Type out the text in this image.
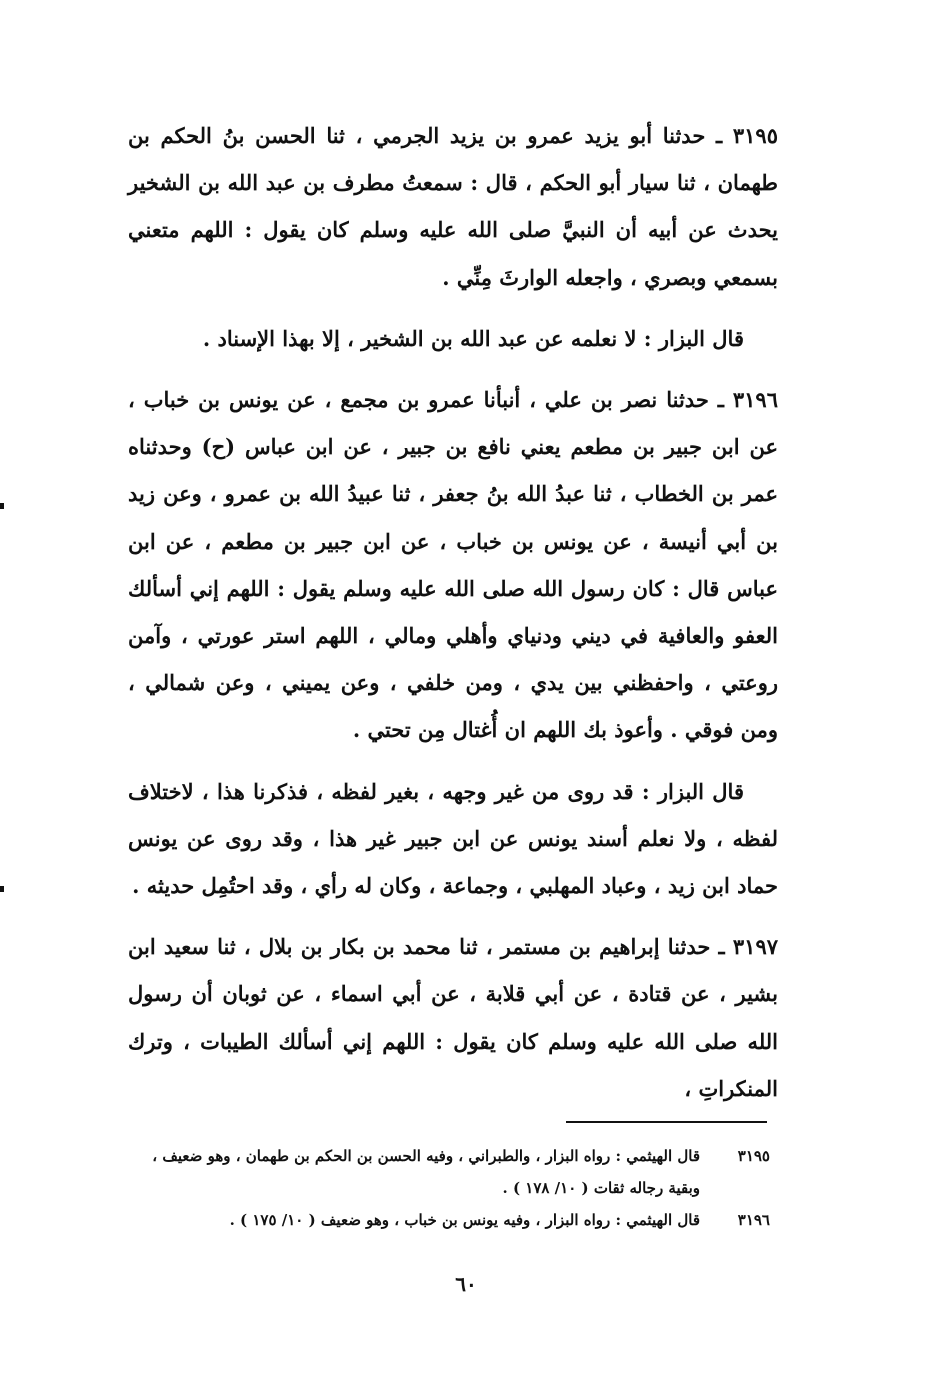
٣١٩٥ ـ حدثنا أبو يزيد عمرو بن يزيد الجرمي ، ثنا الحسن بنُ الحكم بن طهمان ، ثنا سيار أبو الحكم ، قال : سمعتُ مطرف بن عبد الله بن الشخير يحدث عن أبيه أن النبيَّ صلى الله عليه وسلم كان يقول : اللهم متعني بسمعي وبصري ، واجعله الوارثَ مِنِّي .

قال البزار : لا نعلمه عن عبد الله بن الشخير ، إلا بهذا الإسناد .

٣١٩٦ ـ حدثنا نصر بن علي ، أنبأنا عمرو بن مجمع ، عن يونس بن خباب ، عن ابن جبير بن مطعم يعني نافع بن جبير ، عن ابن عباس (ح) وحدثناه عمر بن الخطاب ، ثنا عبدُ الله بنُ جعفر ، ثنا عبيدُ الله بن عمرو ، وعن زيد بن أبي أنيسة ، عن يونس بن خباب ، عن ابن جبير بن مطعم ، عن ابن عباس قال : كان رسول الله صلى الله عليه وسلم يقول : اللهم إني أسألك العفو والعافية في ديني ودنياي وأهلي ومالي ، اللهم استر عورتي ، وآمن روعتي ، واحفظني بين يدي ، ومن خلفي ، وعن يميني ، وعن شمالي ، ومن فوقي . وأعوذ بك اللهم ان أُغتال مِن تحتي .

قال البزار : قد روى من غير وجهه ، بغير لفظه ، فذكرنا هذا ، لاختلاف لفظه ، ولا نعلم أسند يونس عن ابن جبير غير هذا ، وقد روى عن يونس حماد ابن زيد ، وعباد المهلبي ، وجماعة ، وكان له رأي ، وقد احتُمِل حديثه .

٣١٩٧ ـ حدثنا إبراهيم بن مستمر ، ثنا محمد بن بكار بن بلال ، ثنا سعيد ابن بشير ، عن قتادة ، عن أبي قلابة ، عن أبي اسماء ، عن ثوبان أن رسول الله صلى الله عليه وسلم كان يقول : اللهم إني أسألك الطيبات ، وترك المنكراتِ ،

٣١٩٥
قال الهيثمي : رواه البزار ، والطبراني ، وفيه الحسن بن الحكم بن طهمان ، وهو ضعيف ، وبقية رجاله ثقات ( ١٠/ ١٧٨ ) .
٣١٩٦
قال الهيثمي : رواه البزار ، وفيه يونس بن خباب ، وهو ضعيف ( ١٠/ ١٧٥ ) .
٦٠
